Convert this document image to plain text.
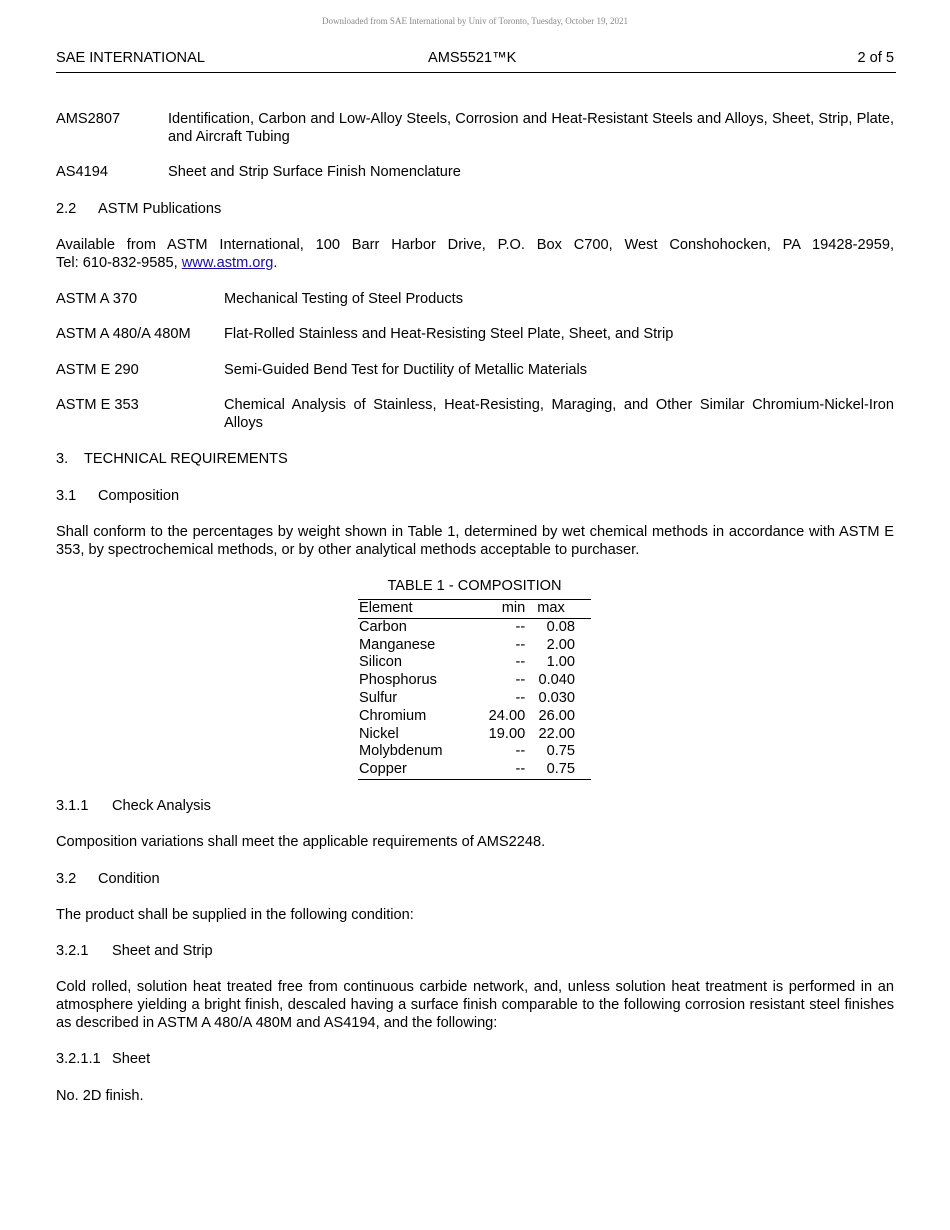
Downloaded from SAE International by Univ of Toronto, Tuesday, October 19, 2021
SAE INTERNATIONAL	AMS5521™K	2 of 5
AMS2807	Identification, Carbon and Low-Alloy Steels, Corrosion and Heat-Resistant Steels and Alloys, Sheet, Strip, Plate, and Aircraft Tubing
AS4194	Sheet and Strip Surface Finish Nomenclature
2.2 ASTM Publications
Available from ASTM International, 100 Barr Harbor Drive, P.O. Box C700, West Conshohocken, PA 19428-2959,
Tel: 610-832-9585, www.astm.org.
ASTM A 370	Mechanical Testing of Steel Products
ASTM A 480/A 480M Flat-Rolled Stainless and Heat-Resisting Steel Plate, Sheet, and Strip
ASTM E 290	Semi-Guided Bend Test for Ductility of Metallic Materials
ASTM E 353	Chemical Analysis of Stainless, Heat-Resisting, Maraging, and Other Similar Chromium-Nickel-Iron Alloys
3. TECHNICAL REQUIREMENTS
3.1 Composition
Shall conform to the percentages by weight shown in Table 1, determined by wet chemical methods in accordance with ASTM E 353, by spectrochemical methods, or by other analytical methods acceptable to purchaser.
3.1.1 Check Analysis
Composition variations shall meet the applicable requirements of AMS2248.
3.2 Condition
The product shall be supplied in the following condition:
3.2.1 Sheet and Strip
Cold rolled, solution heat treated free from continuous carbide network, and, unless solution heat treatment is performed in an atmosphere yielding a bright finish, descaled having a surface finish comparable to the following corrosion resistant steel finishes as described in ASTM A 480/A 480M and AS4194, and the following:
3.2.1.1 Sheet
No. 2D finish.
TABLE 1 - COMPOSITION
Element	min	max
Carbon	--	0.08
Manganese	--	2.00
Silicon	--	1.00
Phosphorus	--	0.040
Sulfur	--	0.030
Chromium	24.00	26.00
Nickel	19.00	22.00
Molybdenum	--	0.75
Copper	--	0.75
